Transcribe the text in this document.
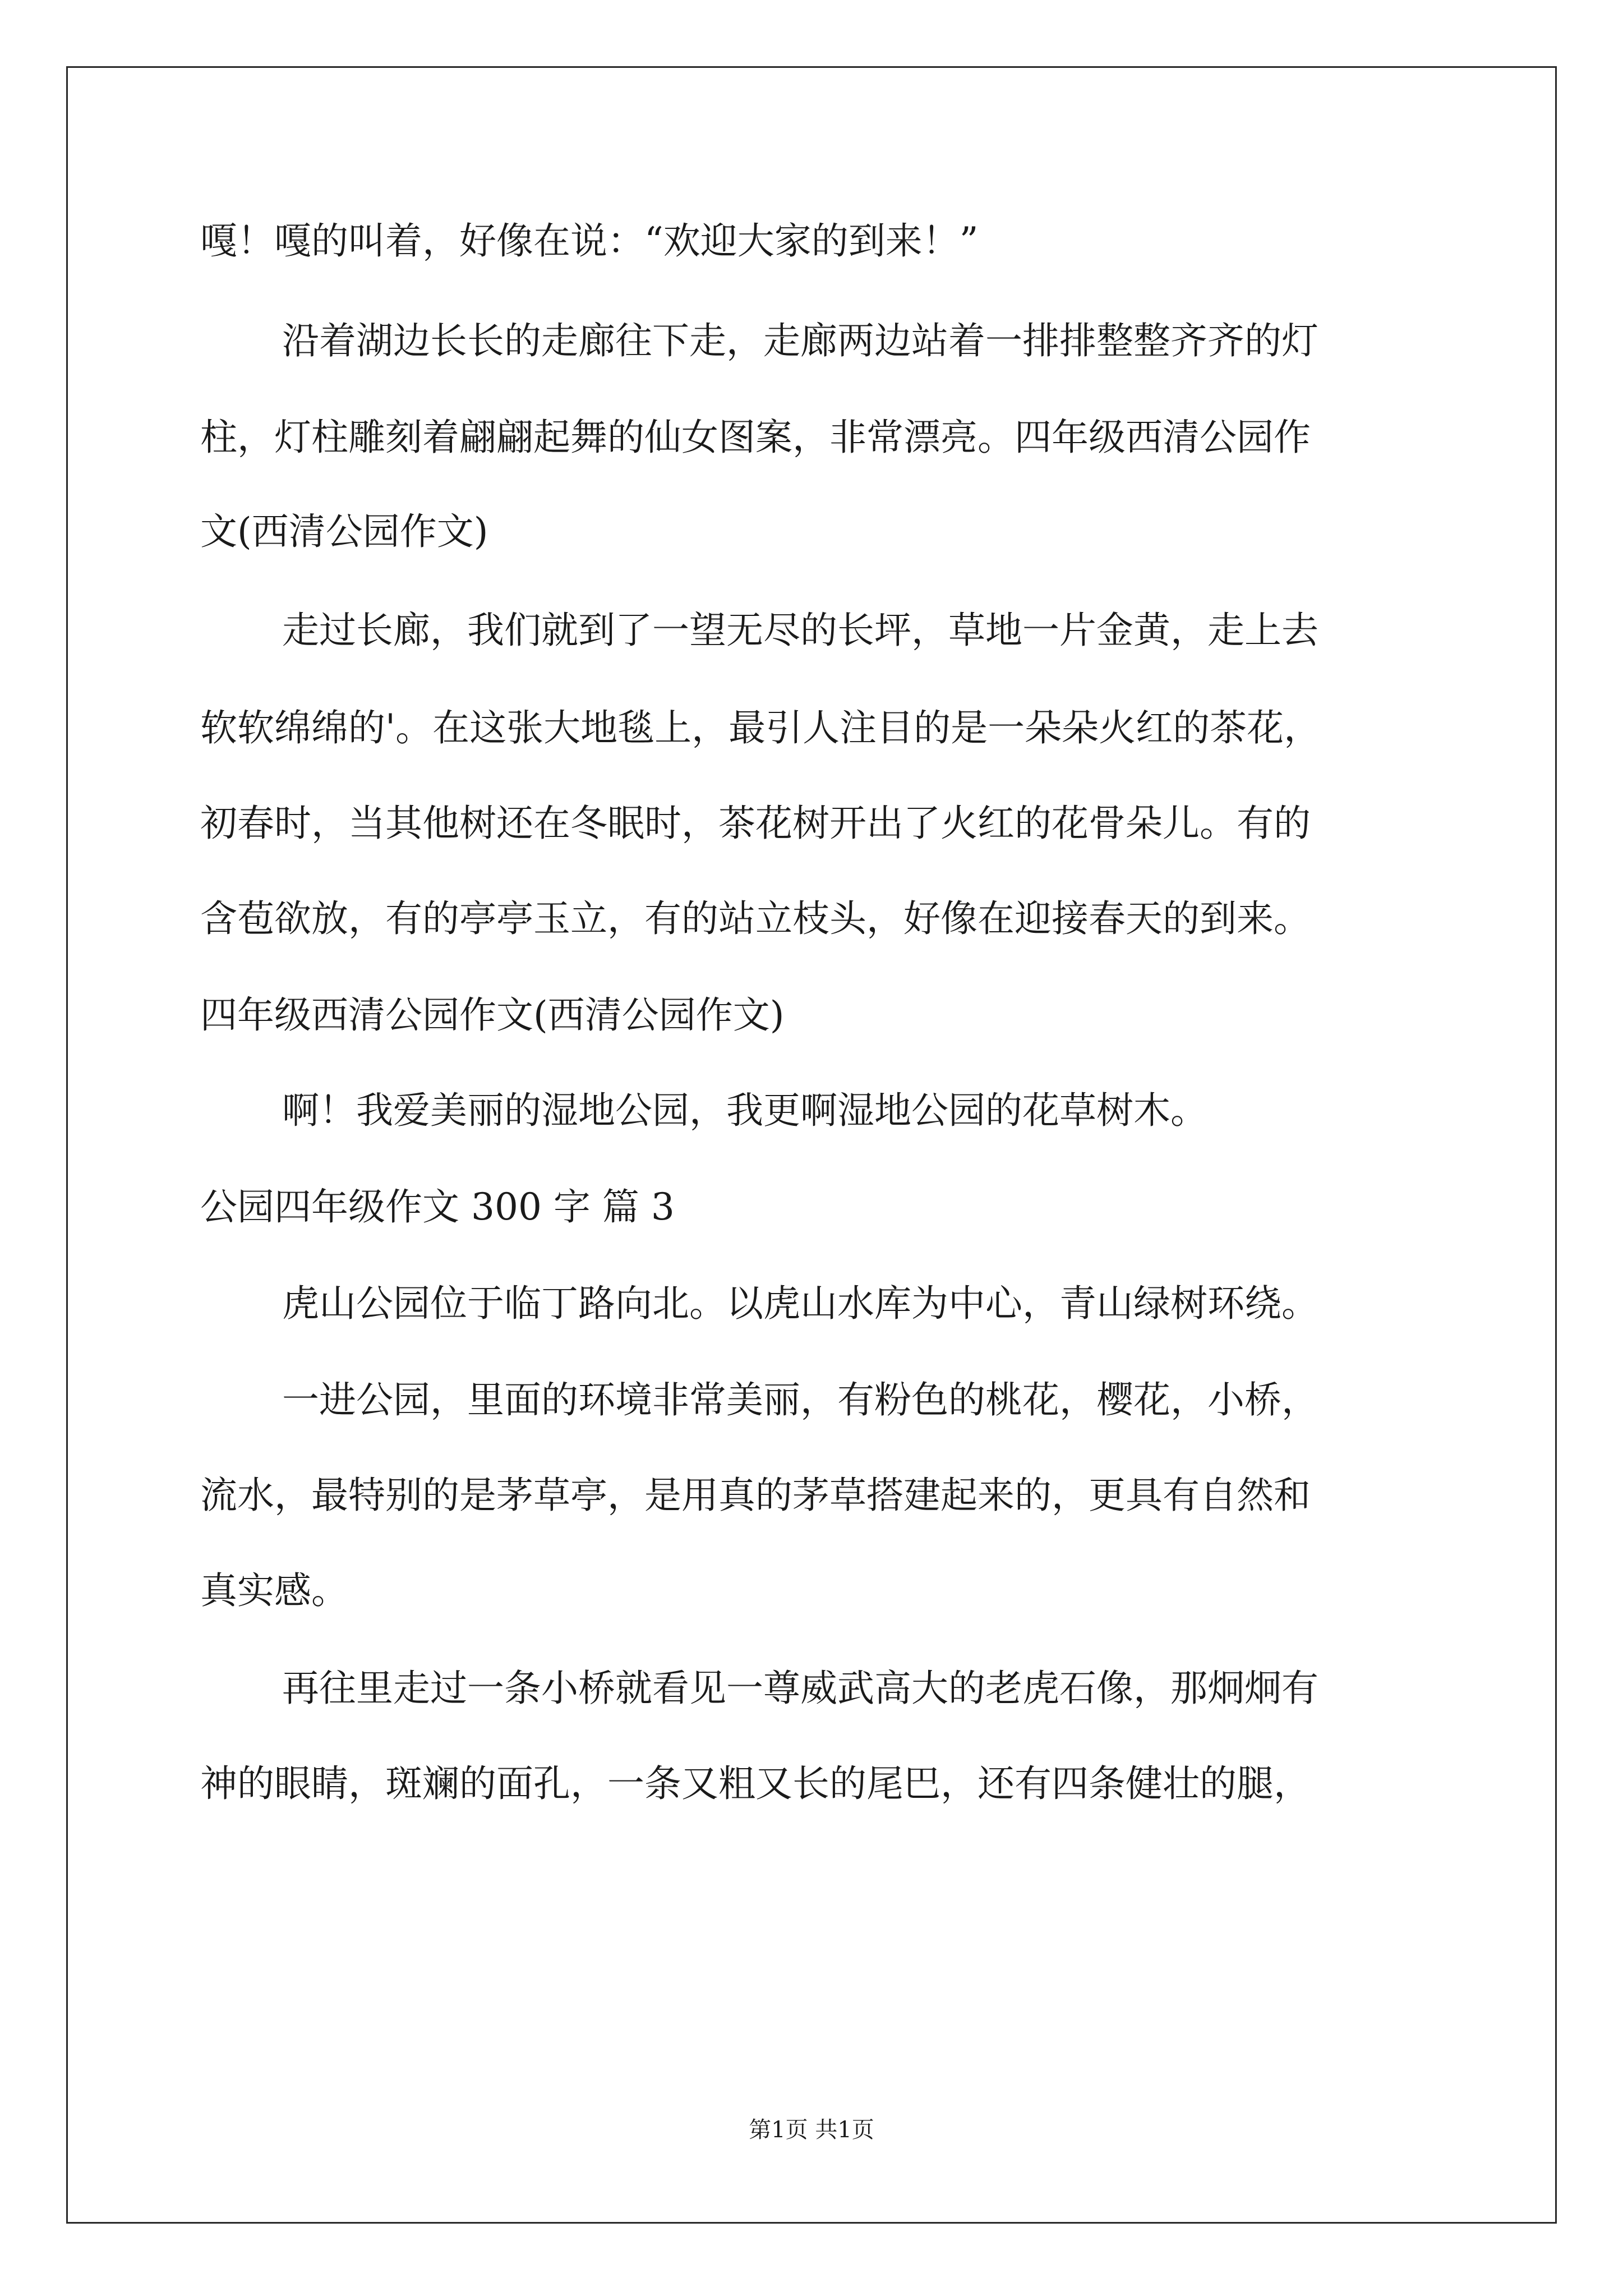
嘎！嘎的叫着，好像在说：“欢迎大家的到来！”
沿着湖边长长的走廊往下走，走廊两边站着一排排整整齐齐的灯
柱，灯柱雕刻着翩翩起舞的仙女图案，非常漂亮。四年级西清公园作
文(西清公园作文)
走过长廊，我们就到了一望无尽的长坪，草地一片金黄，走上去
软软绵绵的'。在这张大地毯上，最引人注目的是一朵朵火红的茶花，
初春时，当其他树还在冬眠时，茶花树开出了火红的花骨朵儿。有的
含苞欲放，有的亭亭玉立，有的站立枝头，好像在迎接春天的到来。
四年级西清公园作文(西清公园作文)
啊！我爱美丽的湿地公园，我更啊湿地公园的花草树木。
公园四年级作文 300 字 篇 3
虎山公园位于临丁路向北。以虎山水库为中心，青山绿树环绕。
一进公园，里面的环境非常美丽，有粉色的桃花，樱花，小桥，
流水，最特别的是茅草亭，是用真的茅草搭建起来的，更具有自然和
真实感。
再往里走过一条小桥就看见一尊威武高大的老虎石像，那炯炯有
神的眼睛，斑斓的面孔，一条又粗又长的尾巴，还有四条健壮的腿，
第1页 共1页
